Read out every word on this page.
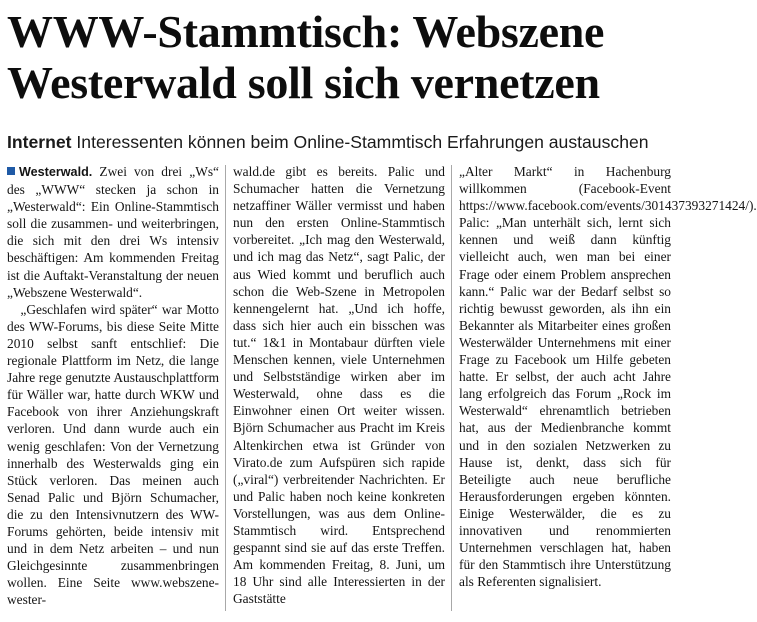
WWW-Stammtisch: Webszene Westerwald soll sich vernetzen
Internet Interessenten können beim Online-Stammtisch Erfahrungen austauschen

Westerwald. Zwei von drei „Ws“ des „WWW“ stecken ja schon in „Westerwald“: Ein Online-Stammtisch soll die zusammen- und weiterbringen, die sich mit den drei Ws intensiv beschäftigen: Am kommenden Freitag ist die Auftakt-Veranstaltung der neuen „Webszene Westerwald“.

„Geschlafen wird später“ war Motto des WW-Forums, bis diese Seite Mitte 2010 selbst sanft entschlief: Die regionale Plattform im Netz, die lange Jahre rege genutzte Austauschplattform für Wäller war, hatte durch WKW und Facebook von ihrer Anziehungskraft verloren. Und dann wurde auch ein wenig geschlafen: Von der Vernetzung innerhalb des Westerwalds ging ein Stück verloren. Das meinen auch Senad Palic und Björn Schumacher, die zu den Intensivnutzern des WW-Forums gehörten, beide intensiv mit und in dem Netz arbeiten – und nun Gleichgesinnte zusammenbringen wollen. Eine Seite www.webszene-wester-

wald.de gibt es bereits. Palic und Schumacher hatten die Vernetzung netzaffiner Wäller vermisst und haben nun den ersten Online-Stammtisch vorbereitet. „Ich mag den Westerwald, und ich mag das Netz“, sagt Palic, der aus Wied kommt und beruflich auch schon die Web-Szene in Metropolen kennengelernt hat. „Und ich hoffe, dass sich hier auch ein bisschen was tut.“ 1&1 in Montabaur dürften viele Menschen kennen, viele Unternehmen und Selbstständige wirken aber im Westerwald, ohne dass es die Einwohner einen Ort weiter wissen. Björn Schumacher aus Pracht im Kreis Altenkirchen etwa ist Gründer von Virato.de zum Aufspüren sich rapide („viral“) verbreitender Nachrichten. Er und Palic haben noch keine konkreten Vorstellungen, was aus dem Online-Stammtisch wird. Entsprechend gespannt sind sie auf das erste Treffen. Am kommenden Freitag, 8. Juni, um 18 Uhr sind alle Interessierten in der Gaststätte

„Alter Markt“ in Hachenburg willkommen (Facebook-Event https://www.facebook.com/events/301437393271424/). Palic: „Man unterhält sich, lernt sich kennen und weiß dann künftig vielleicht auch, wen man bei einer Frage oder einem Problem ansprechen kann.“ Palic war der Bedarf selbst so richtig bewusst geworden, als ihn ein Bekannter als Mitarbeiter eines großen Westerwälder Unternehmens mit einer Frage zu Facebook um Hilfe gebeten hatte. Er selbst, der auch acht Jahre lang erfolgreich das Forum „Rock im Westerwald“ ehrenamtlich betrieben hat, aus der Medienbranche kommt und in den sozialen Netzwerken zu Hause ist, denkt, dass sich für Beteiligte auch neue berufliche Herausforderungen ergeben könnten. Einige Westerwälder, die es zu innovativen und renommierten Unternehmen verschlagen hat, haben für den Stammtisch ihre Unterstützung als Referenten signalisiert.
